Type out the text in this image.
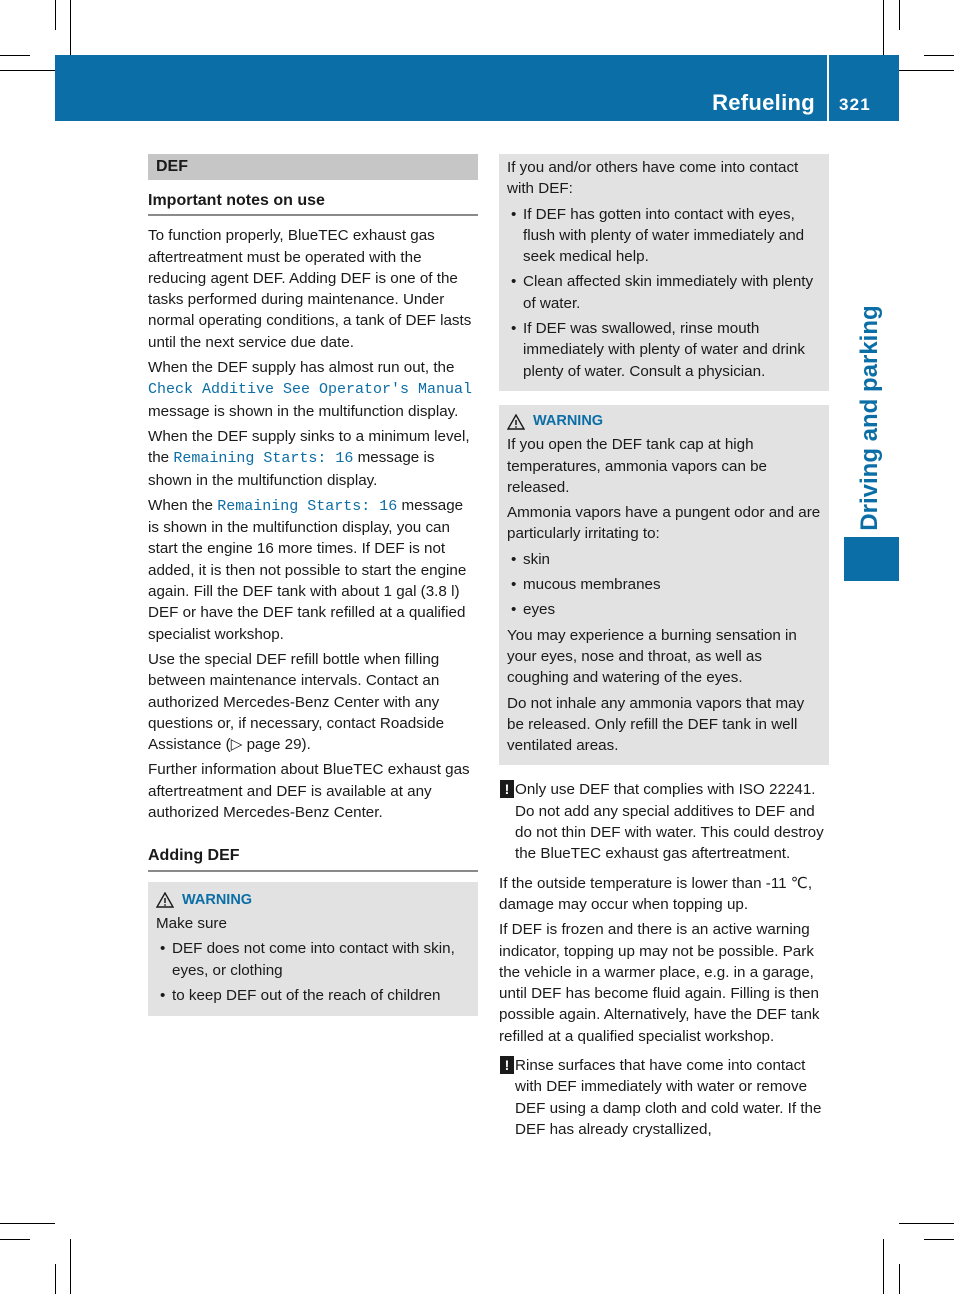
Refueling 321
Driving and parking
DEF
Important notes on use

To function properly, BlueTEC exhaust gas aftertreatment must be operated with the reducing agent DEF. Adding DEF is one of the tasks performed during maintenance. Under normal operating conditions, a tank of DEF lasts until the next service due date.

When the DEF supply has almost run out, the Check Additive See Operator's Manual message is shown in the multifunction display.

When the DEF supply sinks to a minimum level, the Remaining Starts: 16 message is shown in the multifunction display.

When the Remaining Starts: 16 message is shown in the multifunction display, you can start the engine 16 more times. If DEF is not added, it is then not possible to start the engine again. Fill the DEF tank with about 1 gal (3.8 l) DEF or have the DEF tank refilled at a qualified specialist workshop.

Use the special DEF refill bottle when filling between maintenance intervals. Contact an authorized Mercedes-Benz Center with any questions or, if necessary, contact Roadside Assistance (▷ page 29).

Further information about BlueTEC exhaust gas aftertreatment and DEF is available at any authorized Mercedes-Benz Center.

Adding DEF
WARNING

Make sure

• DEF does not come into contact with skin, eyes, or clothing
• to keep DEF out of the reach of children

If you and/or others have come into contact with DEF:

• If DEF has gotten into contact with eyes, flush with plenty of water immediately and seek medical help.
• Clean affected skin immediately with plenty of water.
• If DEF was swallowed, rinse mouth immediately with plenty of water and drink plenty of water. Consult a physician.
WARNING

If you open the DEF tank cap at high temperatures, ammonia vapors can be released.

Ammonia vapors have a pungent odor and are particularly irritating to:

• skin
• mucous membranes
• eyes

You may experience a burning sensation in your eyes, nose and throat, as well as coughing and watering of the eyes.

Do not inhale any ammonia vapors that may be released. Only refill the DEF tank in well ventilated areas.

! Only use DEF that complies with ISO 22241. Do not add any special additives to DEF and do not thin DEF with water. This could destroy the BlueTEC exhaust gas aftertreatment.

If the outside temperature is lower than -11 ℃, damage may occur when topping up.

If DEF is frozen and there is an active warning indicator, topping up may not be possible. Park the vehicle in a warmer place, e.g. in a garage, until DEF has become fluid again. Filling is then possible again. Alternatively, have the DEF tank refilled at a qualified specialist workshop.

! Rinse surfaces that have come into contact with DEF immediately with water or remove DEF using a damp cloth and cold water. If the DEF has already crystallized,
